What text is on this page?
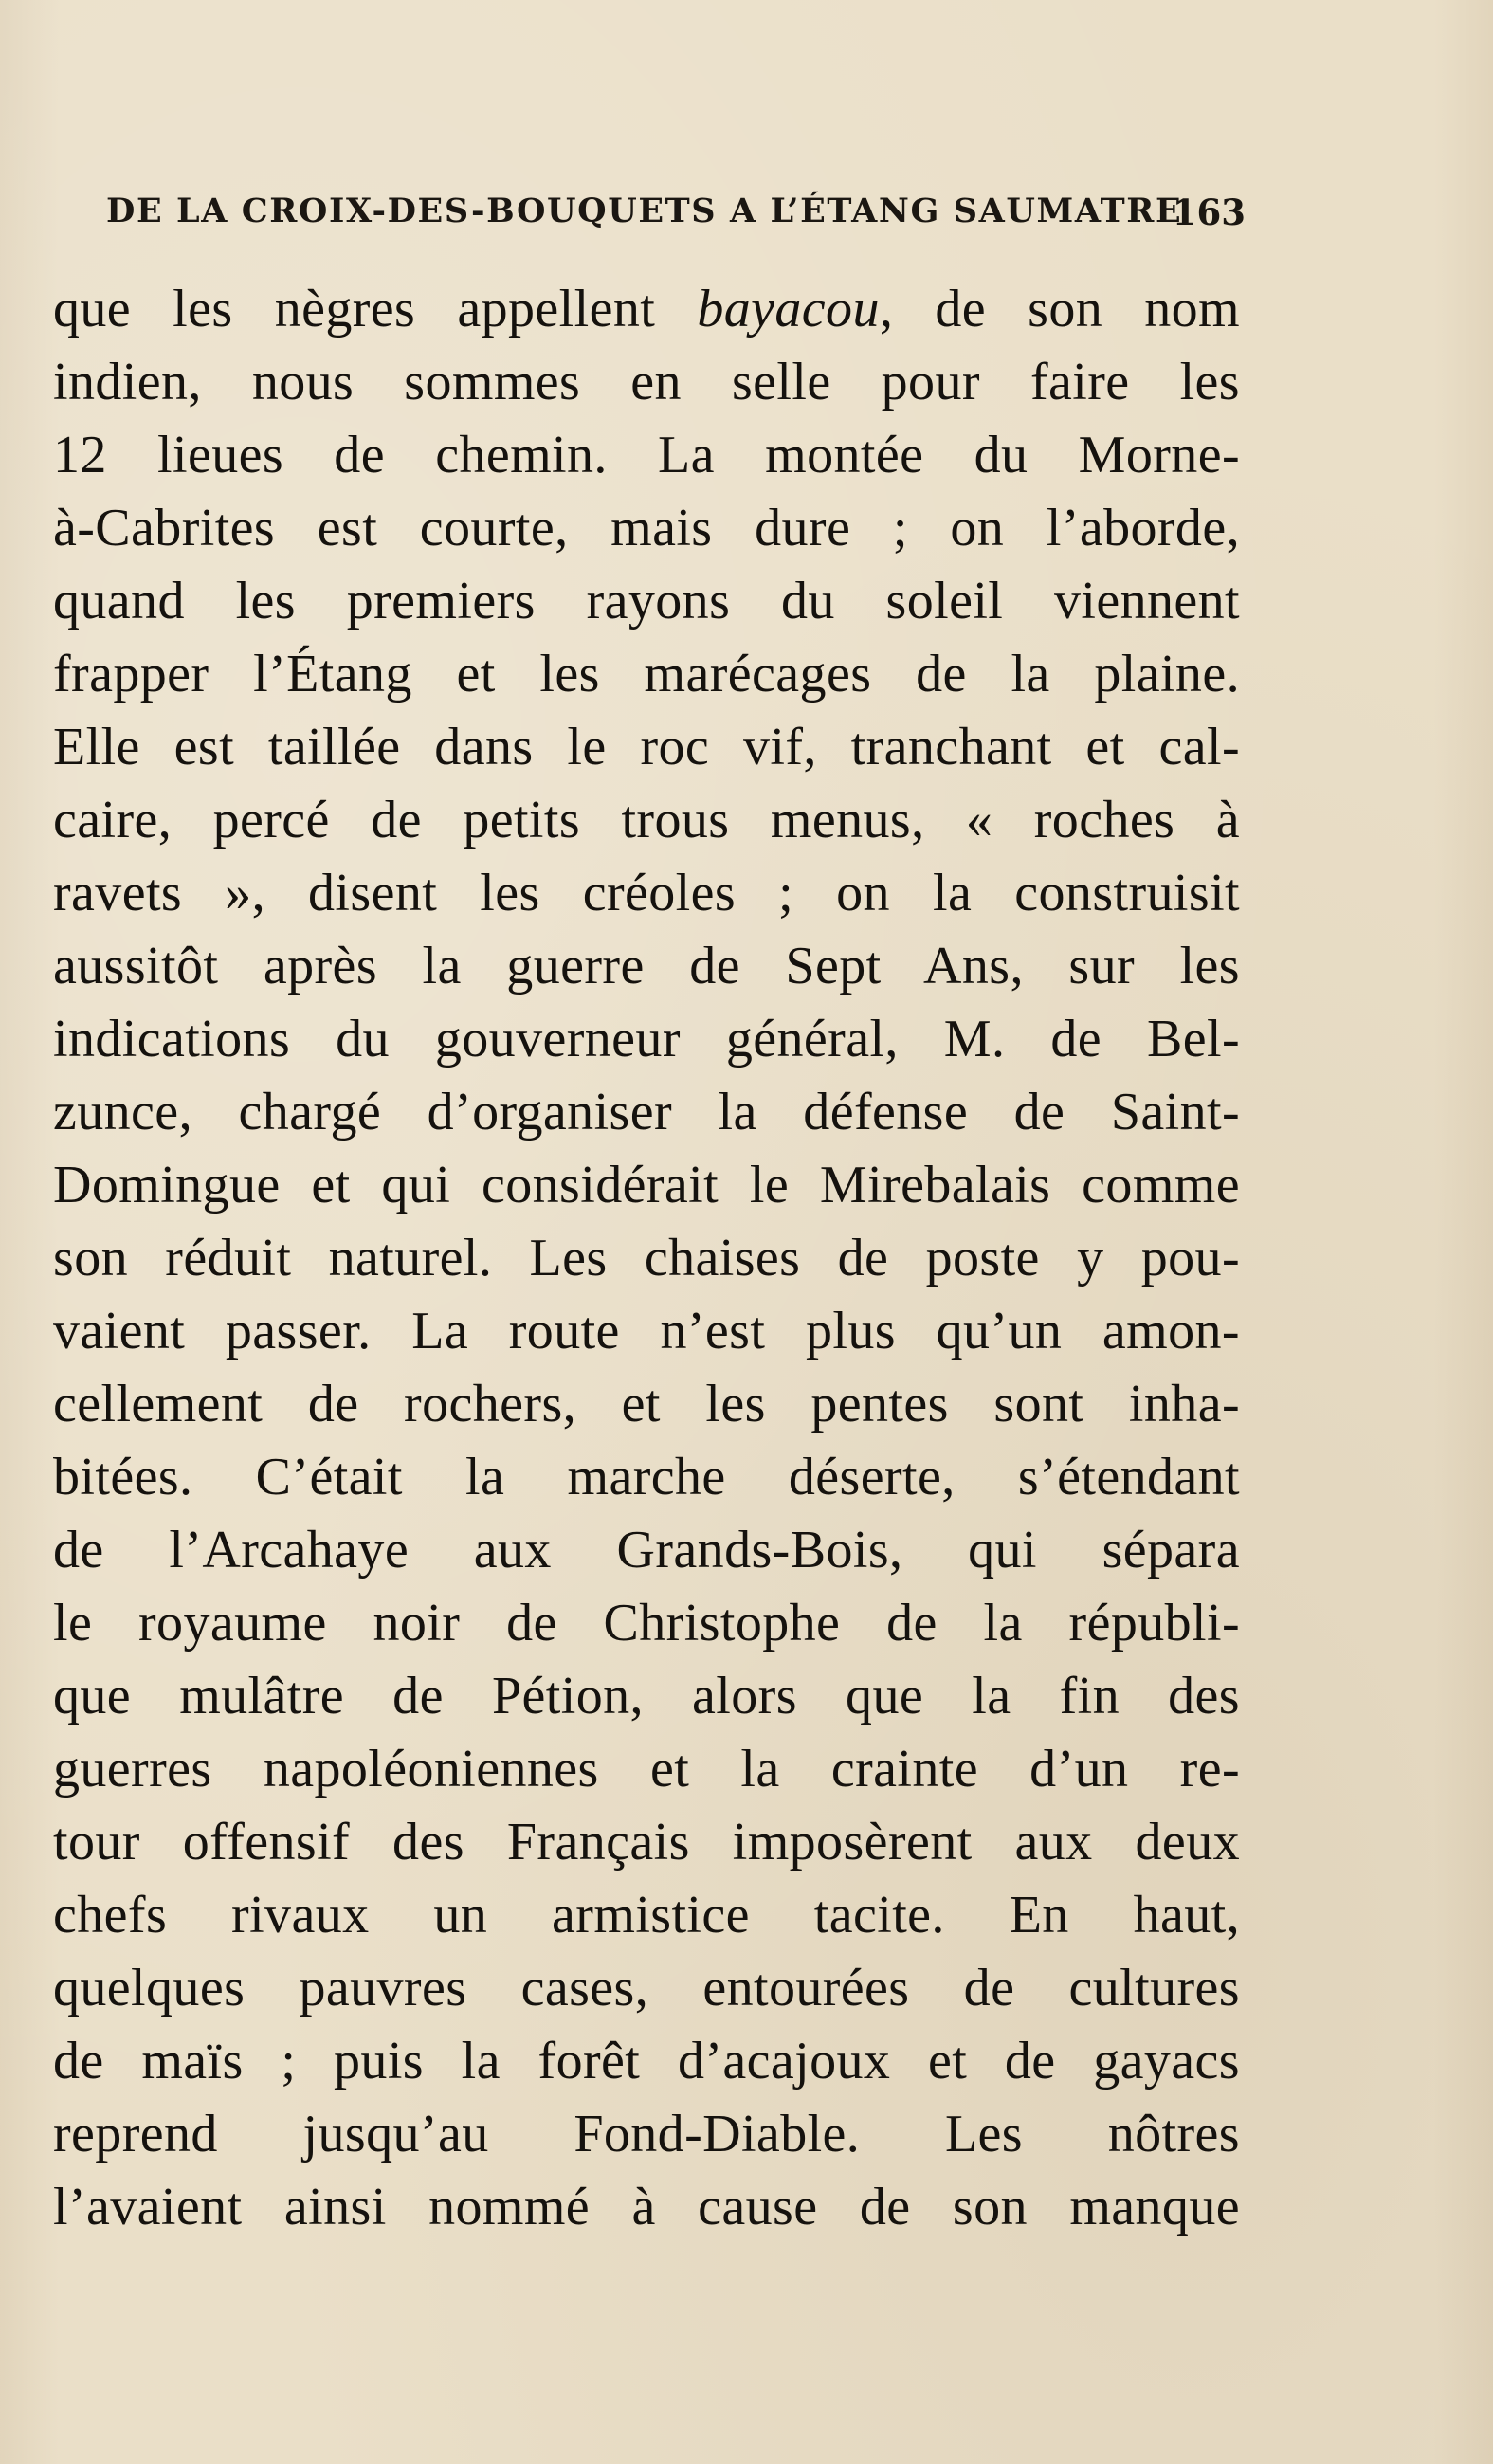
DE LA CROIX-DES-BOUQUETS A L’ÉTANG SAUMATRE
163
que les nègres appellent bayacou, de son nom
indien, nous sommes en selle pour faire les
12 lieues de chemin. La montée du Morne-
à-Cabrites est courte, mais dure ; on l’aborde,
quand les premiers rayons du soleil viennent
frapper l’Étang et les marécages de la plaine.
Elle est taillée dans le roc vif, tranchant et cal-
caire, percé de petits trous menus, « roches à
ravets », disent les créoles ; on la construisit
aussitôt après la guerre de Sept Ans, sur les
indications du gouverneur général, M. de Bel-
zunce, chargé d’organiser la défense de Saint-
Domingue et qui considérait le Mirebalais comme
son réduit naturel. Les chaises de poste y pou-
vaient passer. La route n’est plus qu’un amon-
cellement de rochers, et les pentes sont inha-
bitées. C’était la marche déserte, s’étendant
de l’Arcahaye aux Grands-Bois, qui sépara
le royaume noir de Christophe de la républi-
que mulâtre de Pétion, alors que la fin des
guerres napoléoniennes et la crainte d’un re-
tour offensif des Français imposèrent aux deux
chefs rivaux un armistice tacite. En haut,
quelques pauvres cases, entourées de cultures
de maïs ; puis la forêt d’acajoux et de gayacs
reprend jusqu’au Fond-Diable. Les nôtres
l’avaient ainsi nommé à cause de son manque
